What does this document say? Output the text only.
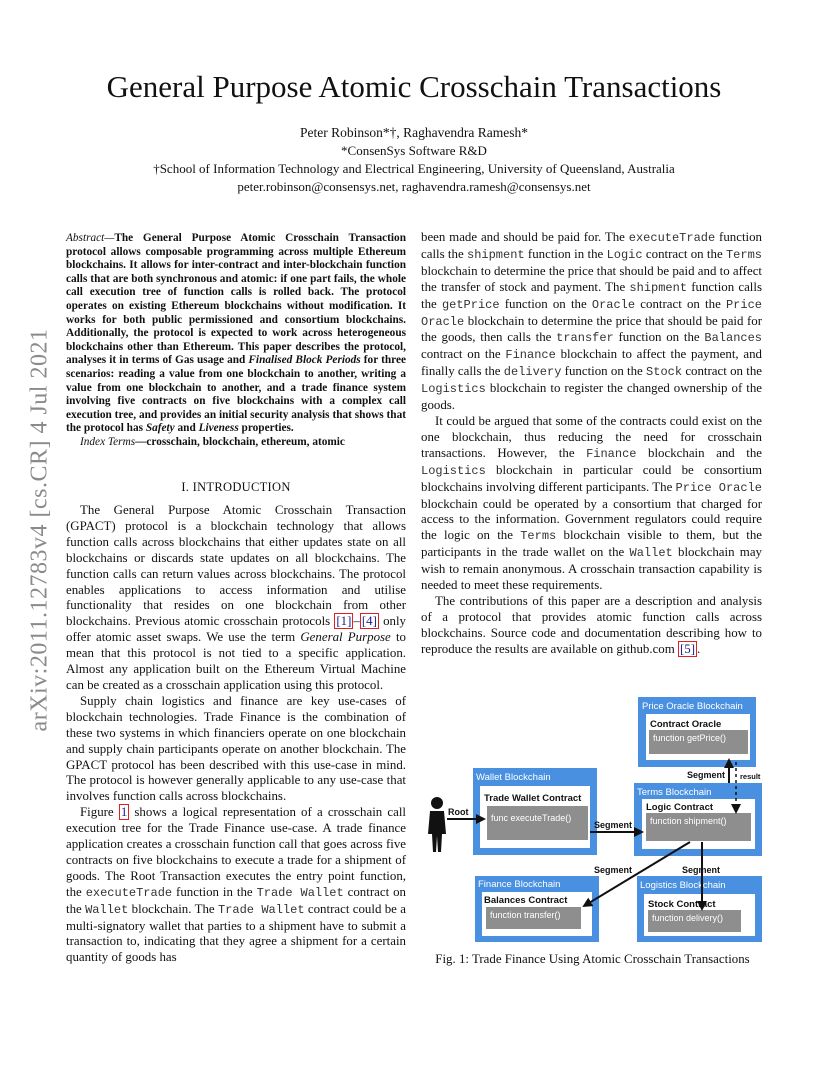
General Purpose Atomic Crosschain Transactions
Peter Robinson*†, Raghavendra Ramesh*
*ConsenSys Software R&D
†School of Information Technology and Electrical Engineering, University of Queensland, Australia
peter.robinson@consensys.net, raghavendra.ramesh@consensys.net
arXiv:2011.12783v4 [cs.CR] 4 Jul 2021
Abstract—The General Purpose Atomic Crosschain Transaction protocol allows composable programming across multiple Ethereum blockchains. It allows for inter-contract and inter-blockchain function calls that are both synchronous and atomic: if one part fails, the whole call execution tree of function calls is rolled back. The protocol operates on existing Ethereum blockchains without modification. It works for both public permissioned and consortium blockchains. Additionally, the protocol is expected to work across heterogeneous blockchains other than Ethereum. This paper describes the protocol, analyses it in terms of Gas usage and Finalised Block Periods for three scenarios: reading a value from one blockchain to another, writing a value from one blockchain to another, and a trade finance system involving five contracts on five blockchains with a complex call execution tree, and provides an initial security analysis that shows that the protocol has Safety and Liveness properties.
Index Terms—crosschain, blockchain, ethereum, atomic
I. INTRODUCTION

The General Purpose Atomic Crosschain Transaction (GPACT) protocol is a blockchain technology that allows function calls across blockchains that either updates state on all blockchains or discards state updates on all blockchains. The function calls can return values across blockchains. The protocol enables applications to access information and utilise functionality that resides on one blockchain from other blockchains. Previous atomic crosschain protocols [1] – [4] only offer atomic asset swaps. We use the term General Purpose to mean that this protocol is not tied to a specific application. Almost any application built on the Ethereum Virtual Machine can be created as a crosschain application using this protocol.

Supply chain logistics and finance are key use-cases of blockchain technologies. Trade Finance is the combination of these two systems in which financiers operate on one blockchain and supply chain participants operate on another blockchain. The GPACT protocol has been described with this use-case in mind. The protocol is however generally applicable to any use-case that involves function calls across blockchains.

Figure 1 shows a logical representation of a crosschain call execution tree for the Trade Finance use-case. A trade finance application creates a crosschain function call that goes across five contracts on five blockchains to execute a trade for a shipment of goods. The Root Transaction executes the entry point function, the executeTrade function in the Trade Wallet contract on the Wallet blockchain. The Trade Wallet contract could be a multi-signatory wallet that parties to a shipment have to submit a transaction to, indicating that they agree a shipment for a certain quantity of goods has

been made and should be paid for. The executeTrade function calls the shipment function in the Logic contract on the Terms blockchain to determine the price that should be paid and to affect the transfer of stock and payment. The shipment function calls the getPrice function on the Oracle contract on the Price Oracle blockchain to determine the price that should be paid for the goods, then calls the transfer function on the Balances contract on the Finance blockchain to affect the payment, and finally calls the delivery function on the Stock contract on the Logistics blockchain to register the changed ownership of the goods.

It could be argued that some of the contracts could exist on the one blockchain, thus reducing the need for crosschain transactions. However, the Finance blockchain and the Logistics blockchain in particular could be consortium blockchains involving different participants. The Price Oracle blockchain could be operated by a consortium that charged for access to the information. Government regulators could require the logic on the Terms blockchain visible to them, but the participants in the trade wallet on the Wallet blockchain may wish to remain anonymous. A crosschain transaction capability is needed to meet these requirements.

The contributions of this paper are a description and analysis of a protocol that provides atomic function calls across blockchains. Source code and documentation describing how to reproduce the results are available on github.com [5] .

Price Oracle Blockchain
Contract Oracle
function getPrice()
Wallet Blockchain
Trade Wallet Contract
func executeTrade()
Terms Blockchain
Logic Contract
function shipment()
Finance Blockchain
Balances Contract
function transfer()
Logistics Blockchain
Stock Contract
function delivery()
Root
Segment
Segment result
Segment	Segment
Fig. 1: Trade Finance Using Atomic Crosschain Transactions
